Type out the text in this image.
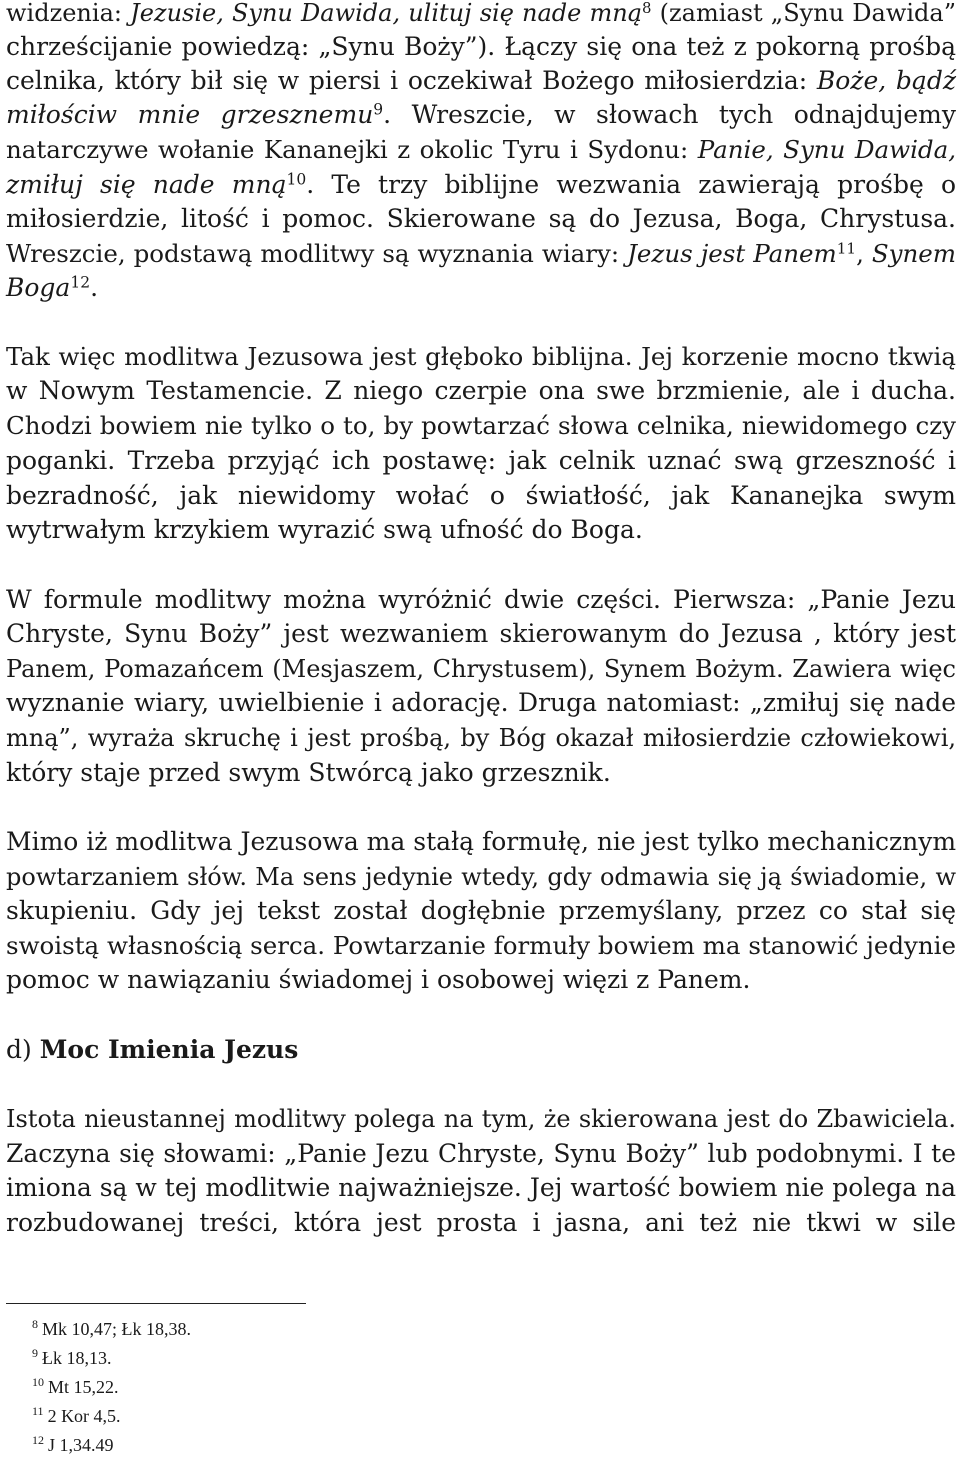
widzenia: Jezusie, Synu Dawida, ulituj się nade mną$^8$ (zamiast „Synu Dawida”
chrześcijanie powiedzą: „Synu Boży”). Łączy się ona też z pokorną prośbą
celnika, który bił się w piersi i oczekiwał Bożego miłosierdzia: Boże, bądź
miłościw mnie grzesznemu$^9$. Wreszcie, w słowach tych odnajdujemy
natarczywe wołanie Kananejki z okolic Tyru i Sydonu: Panie, Synu Dawida,
zmiłuj się nade mną$^{10}$. Te trzy biblijne wezwania zawierają prośbę o
miłosierdzie, litość i pomoc. Skierowane są do Jezusa, Boga, Chrystusa.
Wreszcie, podstawą modlitwy są wyznania wiary: Jezus jest Panem$^{11}$, Synem
Boga$^{12}$.
Tak więc modlitwa Jezusowa jest głęboko biblijna. Jej korzenie mocno tkwią
w Nowym Testamencie. Z niego czerpie ona swe brzmienie, ale i ducha.
Chodzi bowiem nie tylko o to, by powtarzać słowa celnika, niewidomego czy
poganki. Trzeba przyjąć ich postawę: jak celnik uznać swą grzeszność i
bezradność, jak niewidomy wołać o światłość, jak Kananejka swym
wytrwałym krzykiem wyrazić swą ufność do Boga.
W formule modlitwy można wyróżnić dwie części. Pierwsza: „Panie Jezu
Chryste, Synu Boży” jest wezwaniem skierowanym do Jezusa , który jest
Panem, Pomazańcem (Mesjaszem, Chrystusem), Synem Bożym. Zawiera więc
wyznanie wiary, uwielbienie i adorację. Druga natomiast: „zmiłuj się nade
mną”, wyraża skruchę i jest prośbą, by Bóg okazał miłosierdzie człowiekowi,
który staje przed swym Stwórcą jako grzesznik.
Mimo iż modlitwa Jezusowa ma stałą formułę, nie jest tylko mechanicznym
powtarzaniem słów. Ma sens jedynie wtedy, gdy odmawia się ją świadomie, w
skupieniu. Gdy jej tekst został dogłębnie przemyślany, przez co stał się
swoistą własnością serca. Powtarzanie formuły bowiem ma stanowić jedynie
pomoc w nawiązaniu świadomej i osobowej więzi z Panem.
d) Moc Imienia Jezus
Istota nieustannej modlitwy polega na tym, że skierowana jest do Zbawiciela.
Zaczyna się słowami: „Panie Jezu Chryste, Synu Boży” lub podobnymi. I te
imiona są w tej modlitwie najważniejsze. Jej wartość bowiem nie polega na
rozbudowanej treści, która jest prosta i jasna, ani też nie tkwi w sile
$^8$ Mk 10,47; Łk 18,38.
$^9$ Łk 18,13.
$^{10}$ Mt 15,22.
$^{11}$ 2 Kor 4,5.
$^{12}$ J 1,34.49
